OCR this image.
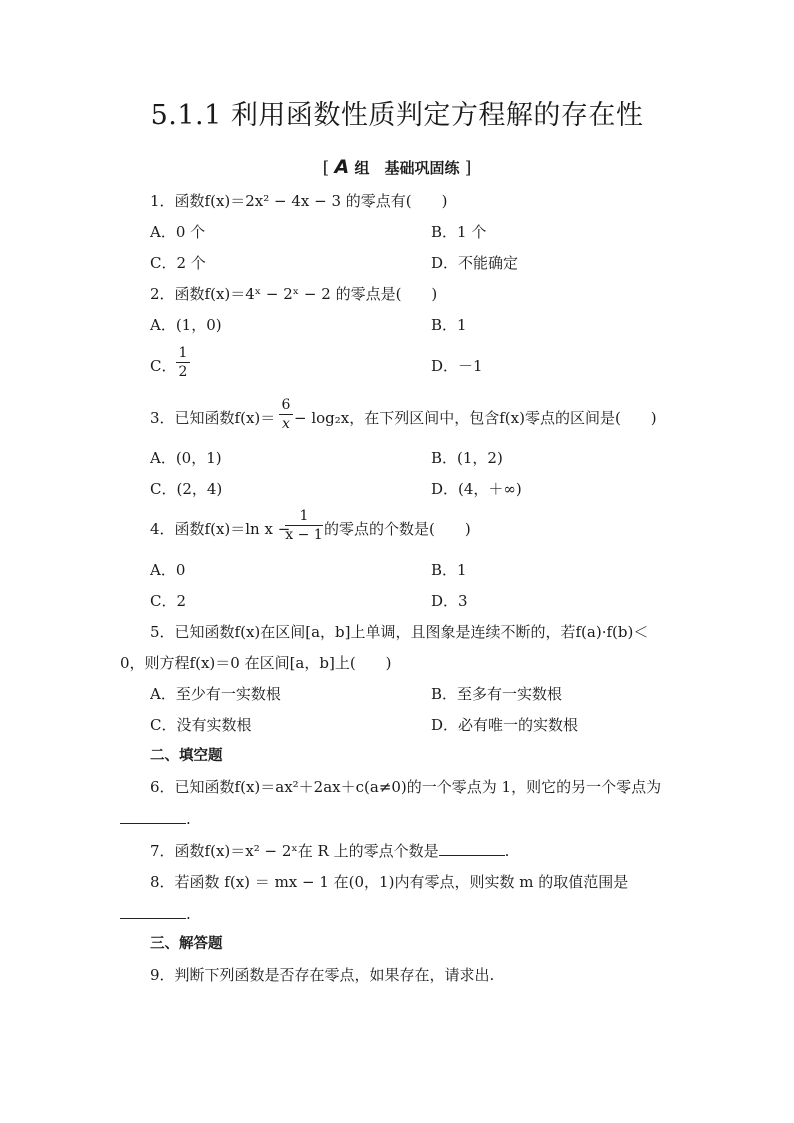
5.1.1 利用函数性质判定方程解的存在性
[ A 组　基础巩固练 ]
1．函数f(x)＝2x² − 4x − 3 的零点有(　　)
A．0 个	B．1 个
C．2 个	D．不能确定
2．函数f(x)＝4ˣ − 2ˣ − 2 的零点是(　　)
A．(1，0)	B．1
C．
1
2	D．－1
3．已知函数f(x)＝
6
x − log₂x，在下列区间中，包含f(x)零点的区间是(　　)
A．(0，1)	B．(1，2)
C．(2，4)	D．(4，＋∞)
4．函数f(x)＝ln x −
1
x − 1 的零点的个数是(　　)
A．0	B．1
C．2	D．3
5．已知函数f(x)在区间[a，b]上单调，且图象是连续不断的，若f(a)·f(b)＜
0，则方程f(x)＝0 在区间[a，b]上(　　)
A．至少有一实数根	B．至多有一实数根
C．没有实数根	D．必有唯一的实数根
二、填空题
6．已知函数f(x)＝ax²＋2ax＋c(a≠0)的一个零点为 1，则它的另一个零点为
.
7．函数f(x)＝x² − 2ˣ在 R 上的零点个数是	.
8．若函数 f(x) ＝ mx − 1 在(0，1)内有零点，则实数 m 的取值范围是
.
三、解答题
9．判断下列函数是否存在零点，如果存在，请求出.
